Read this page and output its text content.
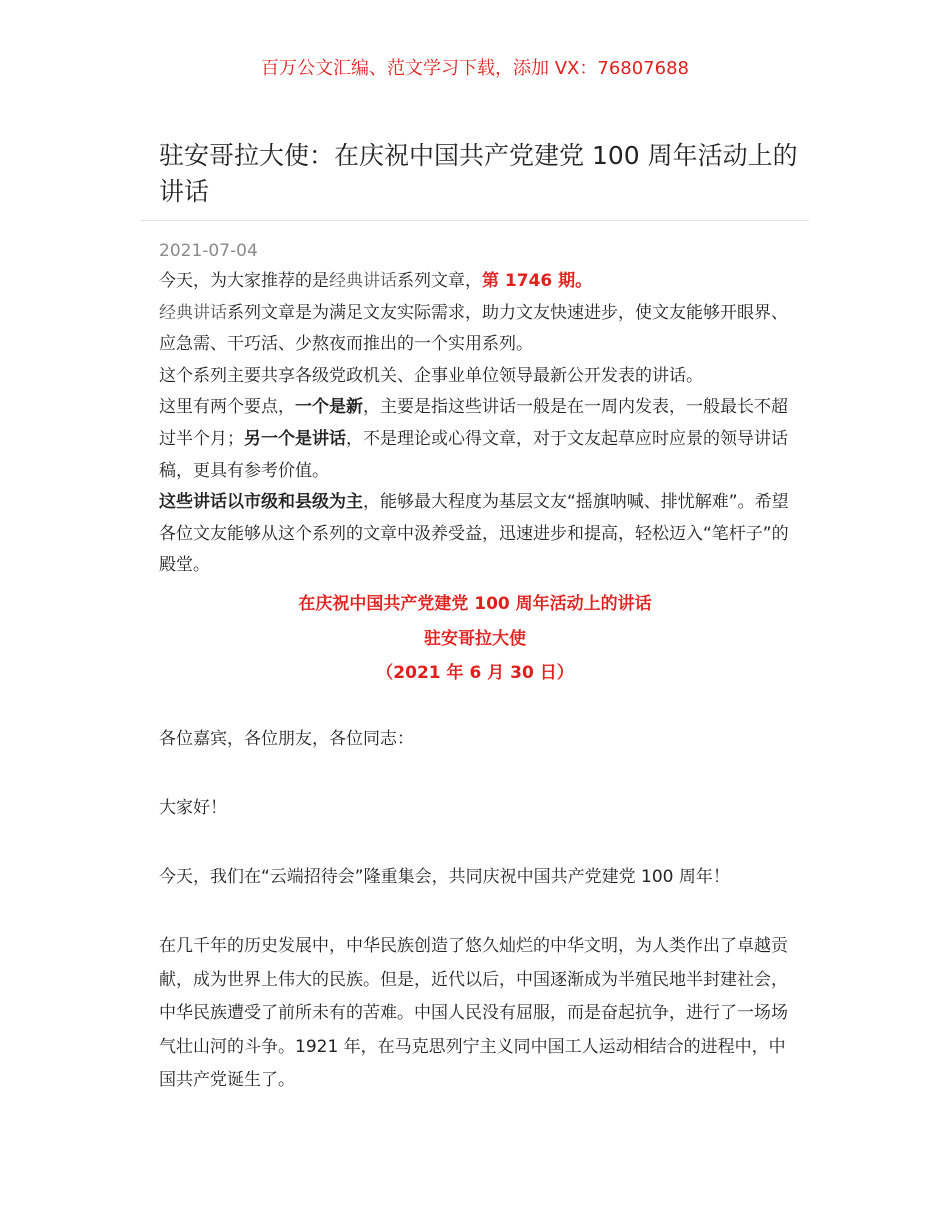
百万公文汇编、范文学习下载，添加 VX：76807688
驻安哥拉大使：在庆祝中国共产党建党 100 周年活动上的讲话
2021-07-04

今天，为大家推荐的是经典讲话系列文章，第 1746 期。

经典讲话系列文章是为满足文友实际需求，助力文友快速进步，使文友能够开眼界、应急需、干巧活、少熬夜而推出的一个实用系列。

这个系列主要共享各级党政机关、企事业单位领导最新公开发表的讲话。

这里有两个要点，一个是新，主要是指这些讲话一般是在一周内发表，一般最长不超过半个月；另一个是讲话，不是理论或心得文章，对于文友起草应时应景的领导讲话稿，更具有参考价值。

这些讲话以市级和县级为主，能够最大程度为基层文友“摇旗呐喊、排忧解难”。希望各位文友能够从这个系列的文章中汲养受益，迅速进步和提高，轻松迈入“笔杆子”的殿堂。

在庆祝中国共产党建党 100 周年活动上的讲话
驻安哥拉大使
（2021 年 6 月 30 日）

各位嘉宾，各位朋友，各位同志：

大家好！

今天，我们在“云端招待会”隆重集会，共同庆祝中国共产党建党 100 周年！

在几千年的历史发展中，中华民族创造了悠久灿烂的中华文明，为人类作出了卓越贡献，成为世界上伟大的民族。但是，近代以后，中国逐渐成为半殖民地半封建社会，中华民族遭受了前所未有的苦难。中国人民没有屈服，而是奋起抗争，进行了一场场气壮山河的斗争。1921 年，在马克思列宁主义同中国工人运动相结合的进程中，中国共产党诞生了。
